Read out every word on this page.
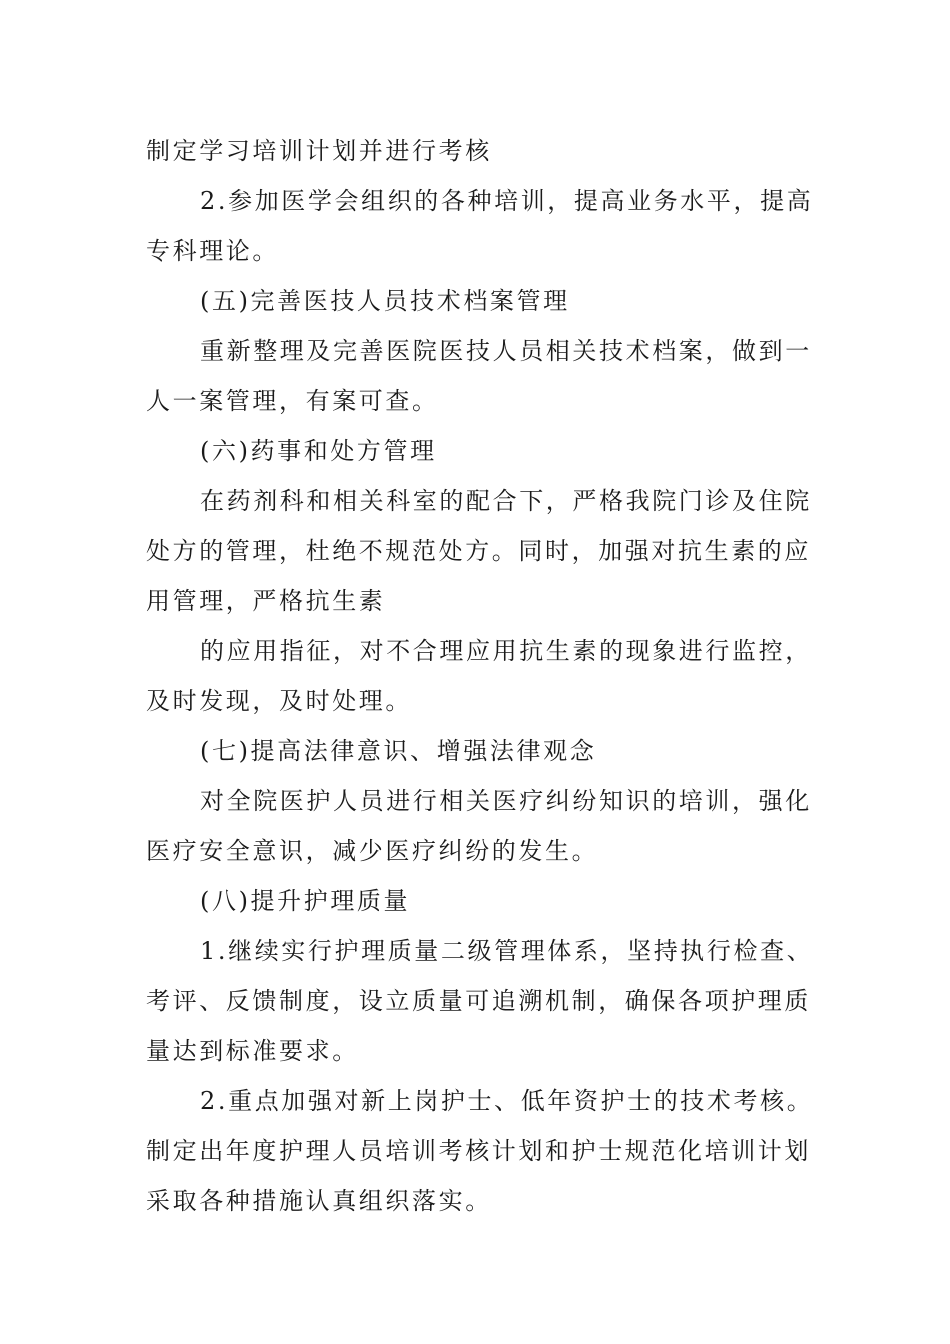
制定学习培训计划并进行考核
2.参加医学会组织的各种培训，提高业务水平，提高
专科理论。
(五)完善医技人员技术档案管理
重新整理及完善医院医技人员相关技术档案，做到一
人一案管理，有案可查。
(六)药事和处方管理
在药剂科和相关科室的配合下，严格我院门诊及住院
处方的管理，杜绝不规范处方。同时，加强对抗生素的应
用管理，严格抗生素
的应用指征，对不合理应用抗生素的现象进行监控，
及时发现，及时处理。
(七)提高法律意识、增强法律观念
对全院医护人员进行相关医疗纠纷知识的培训，强化
医疗安全意识，减少医疗纠纷的发生。
(八)提升护理质量
1.继续实行护理质量二级管理体系，坚持执行检查、
考评、反馈制度，设立质量可追溯机制，确保各项护理质
量达到标准要求。
2.重点加强对新上岗护士、低年资护士的技术考核。
制定出年度护理人员培训考核计划和护士规范化培训计划
采取各种措施认真组织落实。
